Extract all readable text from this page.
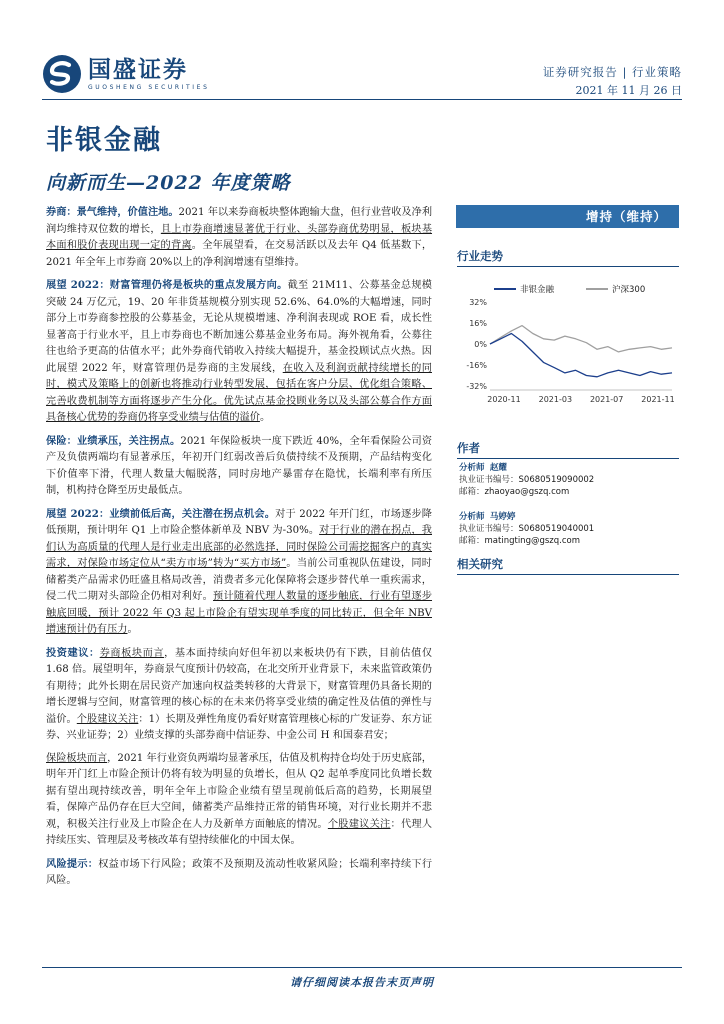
国盛证券
GUOSHENG SECURITIES
证券研究报告 | 行业策略
2021 年 11 月 26 日
非银金融
向新而生—2022 年度策略

券商：景气维持，价值注地。2021 年以来券商板块整体跑输大盘，但行业营收及净利润均维持双位数的增长，且上市券商增速显著优于行业、头部券商优势明显，板块基本面和股价表现出现一定的背离。全年展望看，在交易活跃以及去年 Q4 低基数下，2021 年全年上市券商 20%以上的净利润增速有望维持。

展望 2022：财富管理仍将是板块的重点发展方向。截至 21M11、公募基金总规模突破 24 万亿元，19、20 年非货基规模分别实现 52.6%、64.0%的大幅增速，同时部分上市券商参控股的公募基金，无论从规模增速、净利润表现或 ROE 看，成长性显著高于行业水平，且上市券商也不断加速公募基金业务布局。海外视角看，公募往往也给予更高的估值水平；此外券商代销收入持续大幅提升，基金投顾试点火热。因此展望 2022 年，财富管理仍是券商的主发展线，在收入及利润贡献持续增长的同时，模式及策略上的创新也将推动行业转型发展，包括在客户分层、优化组合策略、完善收费机制等方面将逐步产生分化。优先试点基金投顾业务以及头部公募合作方面具备核心优势的券商仍将享受业绩与估值的溢价。

保险：业绩承压，关注拐点。2021 年保险板块一度下跌近 40%，全年看保险公司资产及负债两端均有显著承压，年初开门红弱改善后负债持续不及预期，产品结构变化下价值率下滑，代理人数量大幅脱落，同时房地产暴雷存在隐忧，长端利率有所压制，机构持仓降至历史最低点。

展望 2022：业绩前低后高，关注潜在拐点机会。对于 2022 年开门红，市场逐步降低预期，预计明年 Q1 上市险企整体新单及 NBV 为-30%。对于行业的潜在拐点，我们认为高质量的代理人是行业走出底部的必然选择，同时保险公司需挖掘客户的真实需求，对保险市场定位从“卖方市场”转为“买方市场”。当前公司重视队伍建设，同时储蓄类产品需求仍旺盛且格局改善，消费者多元化保障将会逐步替代单一重疾需求，侵二代二期对头部险企仍相对利好。预计随着代理人数量的逐步触底，行业有望逐步触底回暖，预计 2022 年 Q3 起上市险企有望实现单季度的同比转正，但全年 NBV 增速预计仍有压力。

投资建议：券商板块而言，基本面持续向好但年初以来板块仍有下跌，目前估值仅 1.68 倍。展望明年，券商景气度预计仍较高，在北交所开业背景下，未来监管政策仍有期待；此外长期在居民资产加速向权益类转移的大背景下，财富管理仍具备长期的增长逻辑与空间，财富管理的核心标的在未来仍将享受业绩的确定性及估值的弹性与溢价。个股建议关注：1）长期及弹性角度仍看好财富管理核心标的广发证券、东方证券、兴业证券；2）业绩支撑的头部券商中信证券、中金公司 H 和国泰君安；

保险板块而言，2021 年行业资负两端均显著承压，估值及机构持仓均处于历史底部，明年开门红上市险企预计仍将有较为明显的负增长，但从 Q2 起单季度同比负增长数据有望出现持续改善，明年全年上市险企业绩有望呈现前低后高的趋势，长期展望看，保障产品仍存在巨大空间，储蓄类产品维持正常的销售环境，对行业长期并不悲观，积极关注行业及上市险企在人力及新单方面触底的情况。个股建议关注：代理人持续压实、管理层及考核改革有望持续催化的中国太保。

风险提示：权益市场下行风险；政策不及预期及流动性收紧风险；长端利率持续下行风险。

增持（维持）
行业走势
非银金融	沪深300
32%
16%
0%
-16%
-32%
2020-11 2021-03 2021-07 2021-11
作者
分析师 赵耀
执业证书编号：S0680519090002
邮箱：zhaoyao@gszq.com
分析师 马婷婷
执业证书编号：S0680519040001
邮箱：matingting@gszq.com
相关研究
请仔细阅读本报告末页声明
